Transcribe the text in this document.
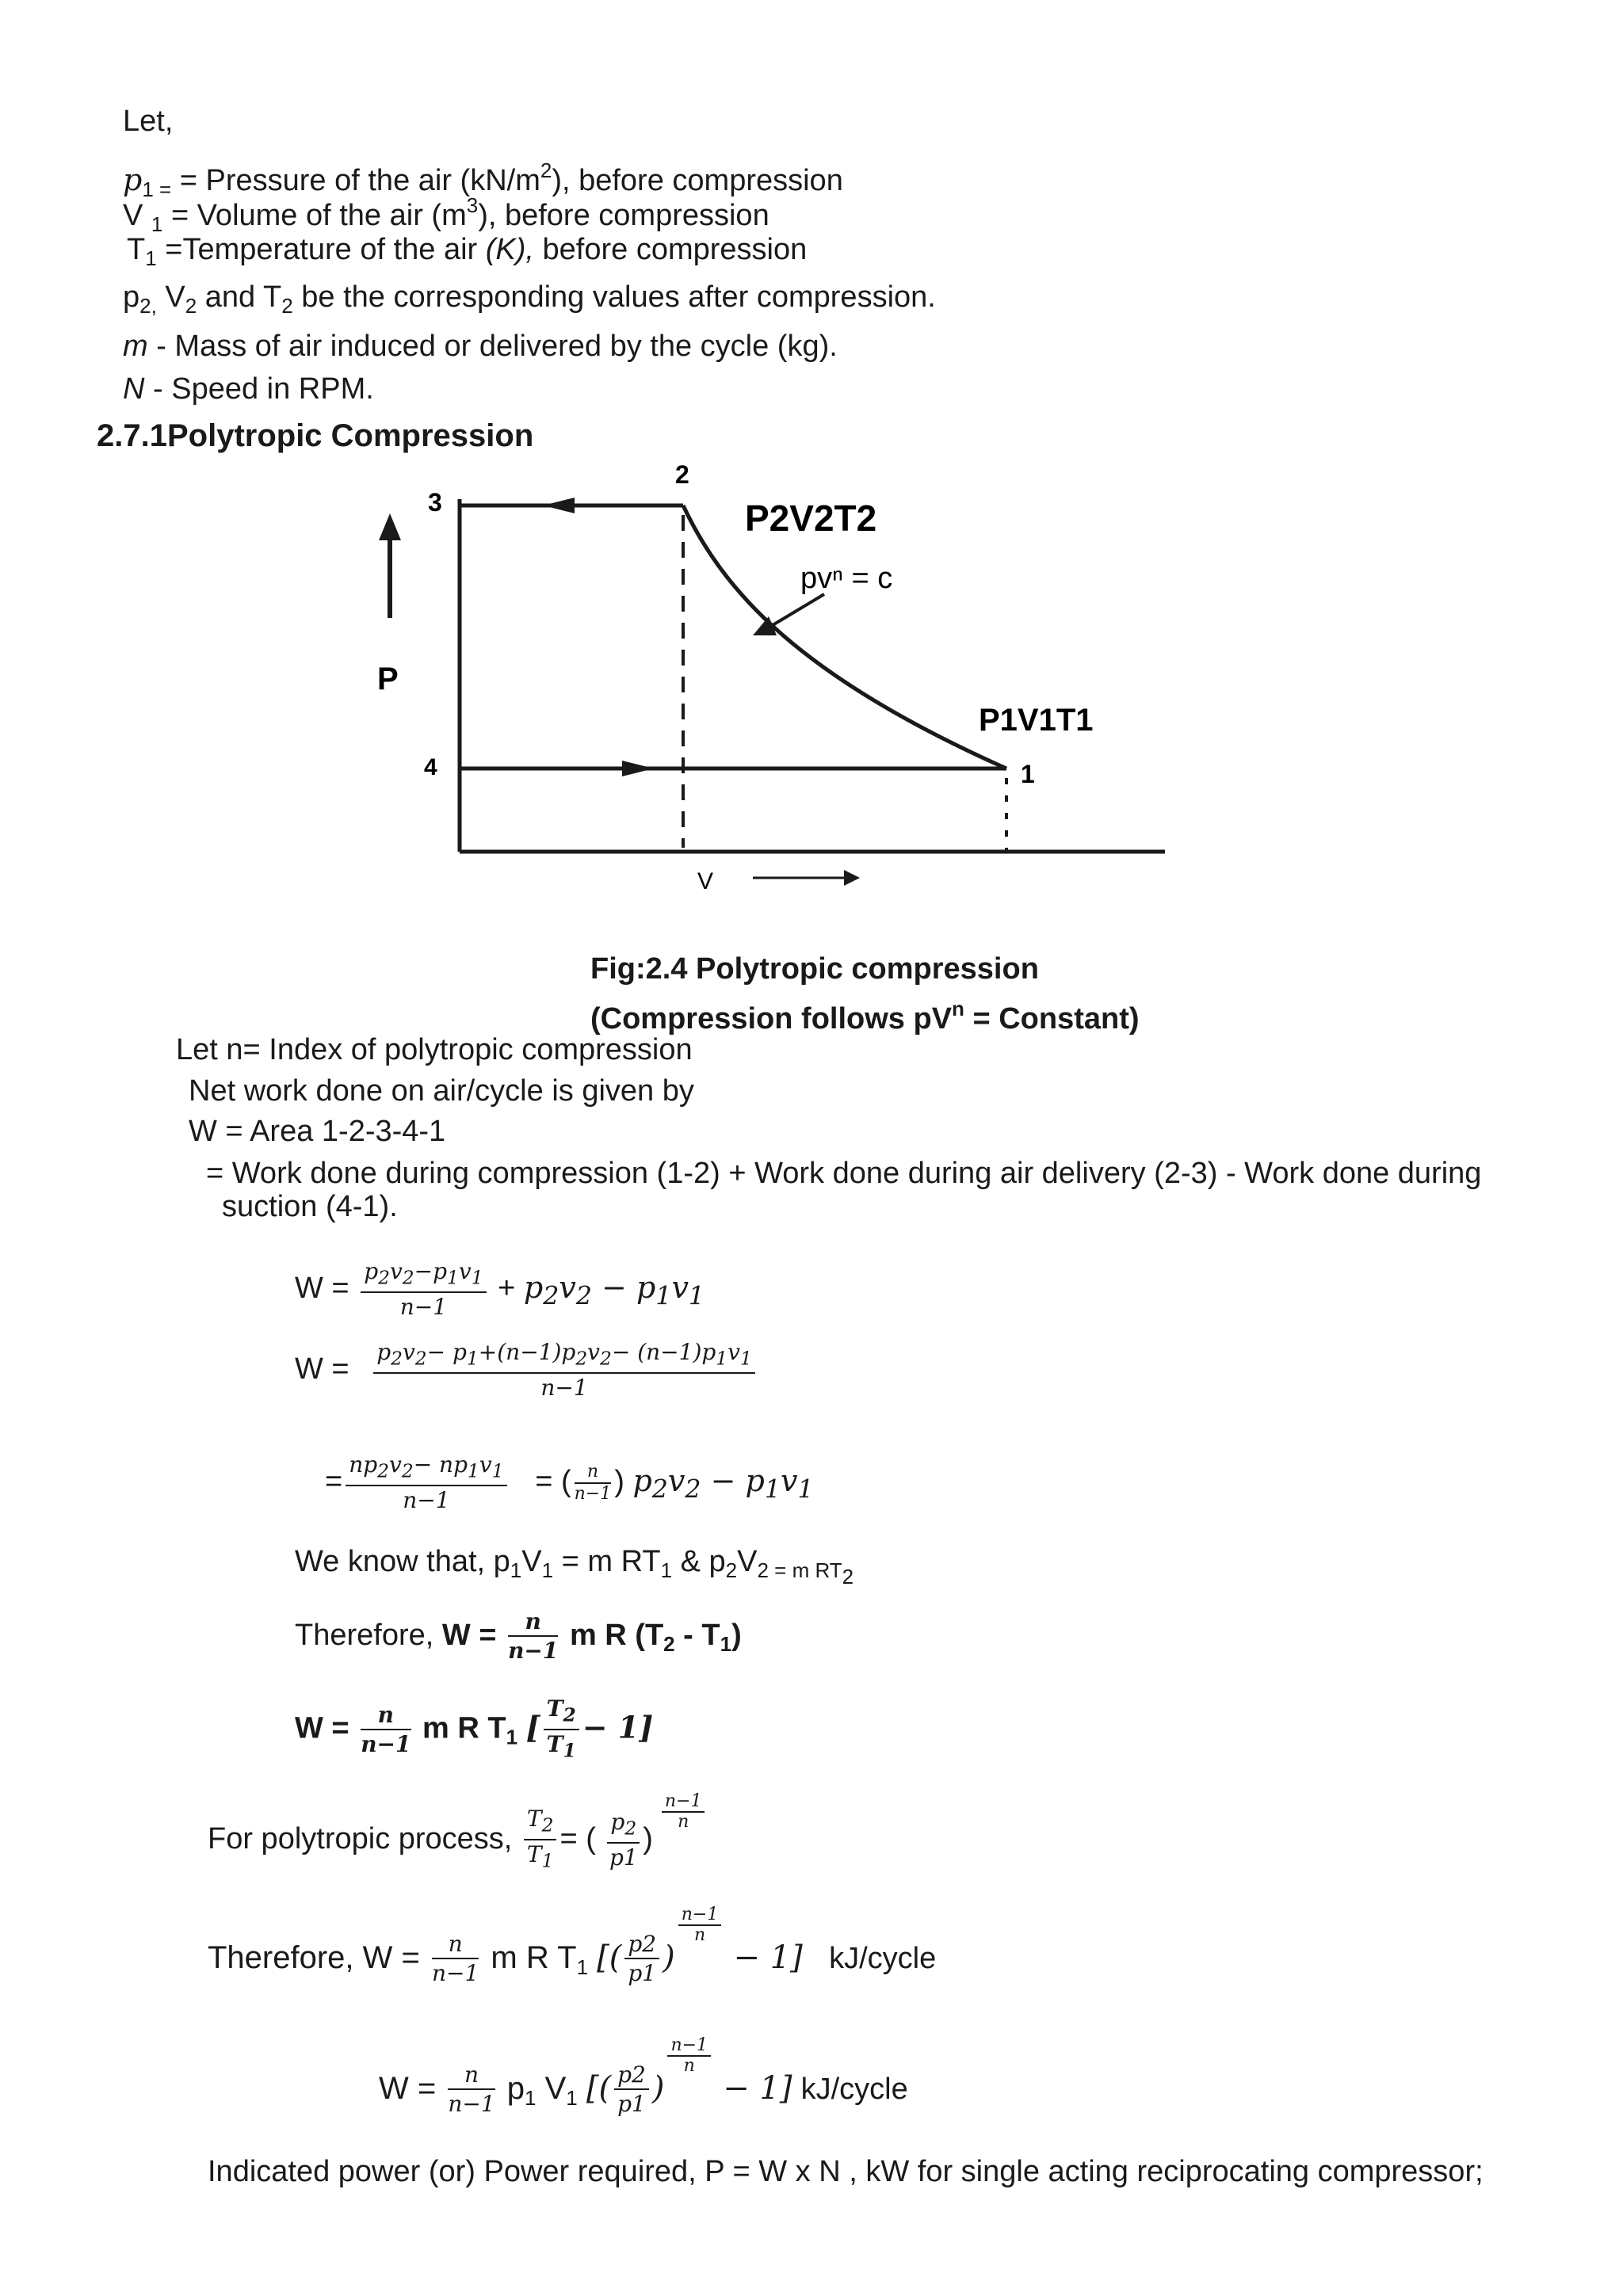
Let,
$p_{1 =}$ = Pressure of the air $(kN/m^2)$, before compression
V $_1$ = Volume of the air $(m^3)$, before compression
$T_1$ =Temperature of the air (K), before compression
$p_{2,}$ $V_2$ and $T_2$ be the corresponding values after compression.
m - Mass of air induced or delivered by the cycle (kg).
N - Speed in RPM.
2.7.1Polytropic Compression
3
2
4	1
P
V
P2V2T2
pvⁿ = c
P1V1T1
Fig:2.4 Polytropic compression
(Compression follows $pV^n$ = Constant)
Let n= Index of polytropic compression
Net work done on air/cycle is given by
W = Area 1-2-3-4-1
= Work done during compression (1-2) + Work done during air delivery (2-3) - Work done during
suction (4-1).
$W = \frac{p_2v_2-p_1v_1}{n-1} + p_2v_2 - p_1v_1$
$W = \frac{p_2v_2- p_1+(n-1)p_2v_2- (n-1)p_1v_1}{n-1}$
= $\frac{np_2v_2- np_1v_1}{n-1}$ = ( $\frac{n}{n-1}$ ) $p_2v_2 - p_1v_1$
We know that, $p_1V_1 = m$ $RT_1$ & $p_2V_{2 = m RT2}$
Therefore, $W = \frac{n}{n-1}$ m R $(T_2 - T_1)$
$W = \frac{n}{n-1}$ m R $T_1$ [ $\frac{T_2}{T_1} - 1$]
For polytropic process, $\frac{T_2}{T_1}$ = ( $\frac{p_2}{p1}$ )
$^{\frac{n-1}{n}}$
Therefore, $W = \frac{n}{n-1}$ m R $T_1$ [( $\frac{p2}{p1}$ )
$^{\frac{n-1}{n}}$
− 1] kJ/cycle
$W = \frac{n}{n-1} p_1$ $V_1$ [( $\frac{p2}{p1}$ )
$^{\frac{n-1}{n}}$
− 1] kJ/cycle
Indicated power (or) Power required, P = W x N , kW for single acting reciprocating compressor;
